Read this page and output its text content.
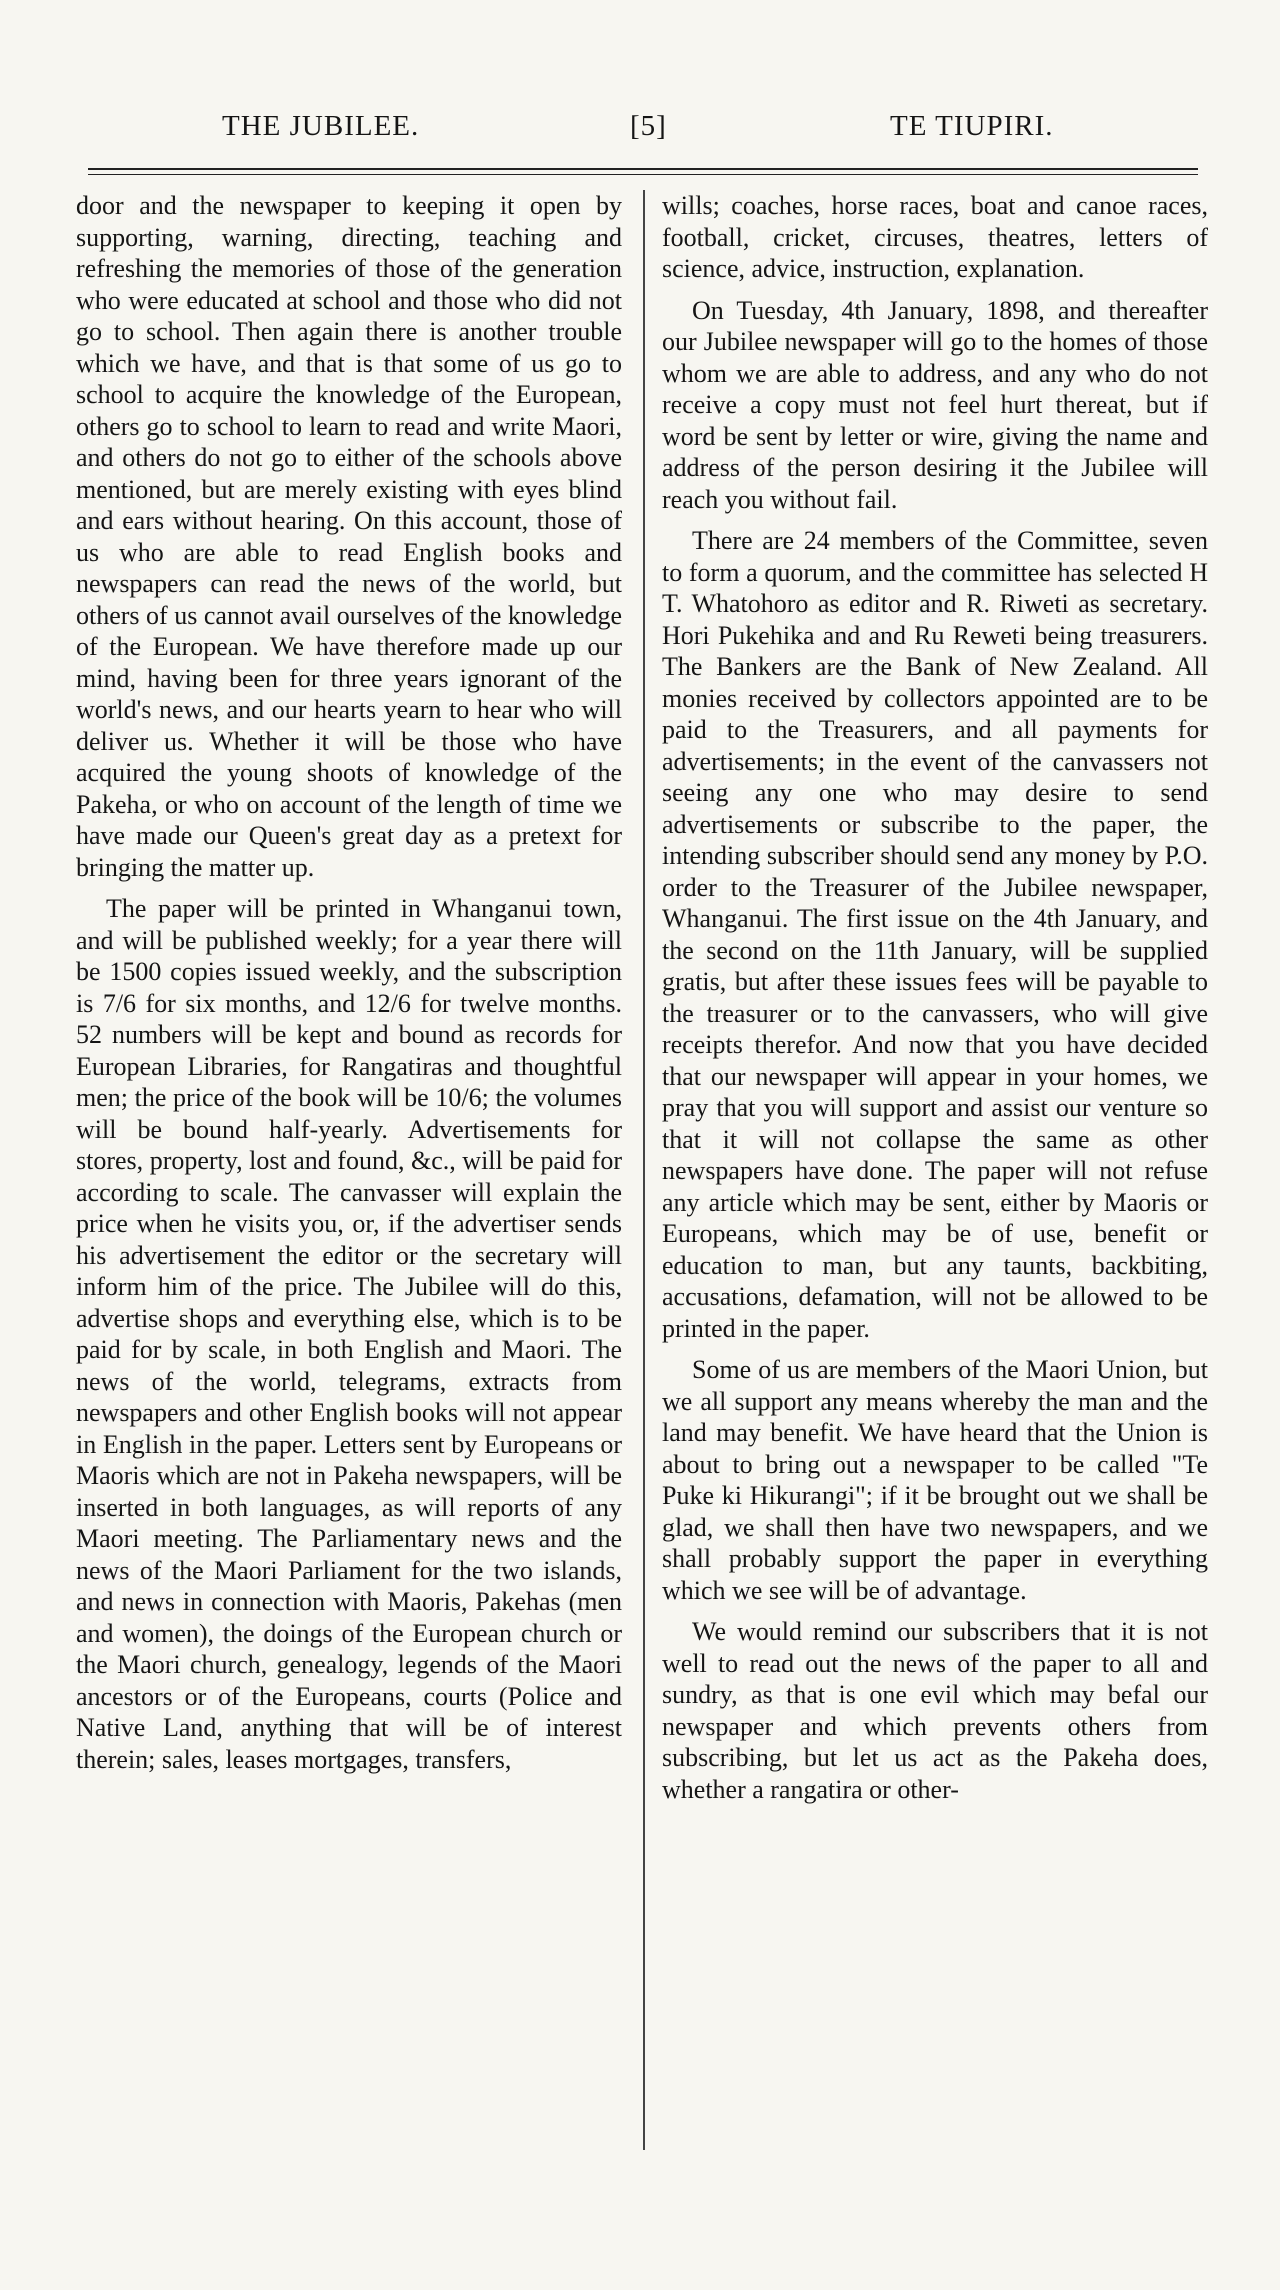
THE JUBILEE.	[5]	TE TIUPIRI.

door and the newspaper to keeping it open by supporting, warning, directing, teaching and refreshing the memories of those of the generation who were educated at school and those who did not go to school. Then again there is another trouble which we have, and that is that some of us go to school to acquire the knowledge of the European, others go to school to learn to read and write Maori, and others do not go to either of the schools above mentioned, but are merely existing with eyes blind and ears without hearing. On this account, those of us who are able to read English books and newspapers can read the news of the world, but others of us cannot avail ourselves of the knowledge of the European. We have therefore made up our mind, having been for three years ignorant of the world's news, and our hearts yearn to hear who will deliver us. Whether it will be those who have acquired the young shoots of knowledge of the Pakeha, or who on account of the length of time we have made our Queen's great day as a pretext for bringing the matter up.

The paper will be printed in Whanganui town, and will be published weekly; for a year there will be 1500 copies issued weekly, and the subscription is 7/6 for six months, and 12/6 for twelve months. 52 numbers will be kept and bound as records for European Libraries, for Rangatiras and thoughtful men; the price of the book will be 10/6; the volumes will be bound half-yearly. Advertisements for stores, property, lost and found, &c., will be paid for according to scale. The canvasser will explain the price when he visits you, or, if the advertiser sends his advertisement the editor or the secretary will inform him of the price. The Jubilee will do this, advertise shops and everything else, which is to be paid for by scale, in both English and Maori. The news of the world, telegrams, extracts from newspapers and other English books will not appear in English in the paper. Letters sent by Europeans or Maoris which are not in Pakeha newspapers, will be inserted in both languages, as will reports of any Maori meeting. The Parliamentary news and the news of the Maori Parliament for the two islands, and news in connection with Maoris, Pakehas (men and women), the doings of the European church or the Maori church, genealogy, legends of the Maori ancestors or of the Europeans, courts (Police and Native Land, anything that will be of interest therein; sales, leases mortgages, transfers,

wills; coaches, horse races, boat and canoe races, football, cricket, circuses, theatres, letters of science, advice, instruction, explanation.

On Tuesday, 4th January, 1898, and thereafter our Jubilee newspaper will go to the homes of those whom we are able to address, and any who do not receive a copy must not feel hurt thereat, but if word be sent by letter or wire, giving the name and address of the person desiring it the Jubilee will reach you without fail.

There are 24 members of the Committee, seven to form a quorum, and the committee has selected H T. Whatohoro as editor and R. Riweti as secretary. Hori Pukehika and and Ru Reweti being treasurers. The Bankers are the Bank of New Zealand. All monies received by collectors appointed are to be paid to the Treasurers, and all payments for advertisements; in the event of the canvassers not seeing any one who may desire to send advertisements or subscribe to the paper, the intending subscriber should send any money by P.O. order to the Treasurer of the Jubilee newspaper, Whanganui. The first issue on the 4th January, and the second on the 11th January, will be supplied gratis, but after these issues fees will be payable to the treasurer or to the canvassers, who will give receipts therefor. And now that you have decided that our newspaper will appear in your homes, we pray that you will support and assist our venture so that it will not collapse the same as other newspapers have done. The paper will not refuse any article which may be sent, either by Maoris or Europeans, which may be of use, benefit or education to man, but any taunts, backbiting, accusations, defamation, will not be allowed to be printed in the paper.

Some of us are members of the Maori Union, but we all support any means whereby the man and the land may benefit. We have heard that the Union is about to bring out a newspaper to be called "Te Puke ki Hikurangi"; if it be brought out we shall be glad, we shall then have two newspapers, and we shall probably support the paper in everything which we see will be of advantage.

We would remind our subscribers that it is not well to read out the news of the paper to all and sundry, as that is one evil which may befal our newspaper and which prevents others from subscribing, but let us act as the Pakeha does, whether a rangatira or other-
